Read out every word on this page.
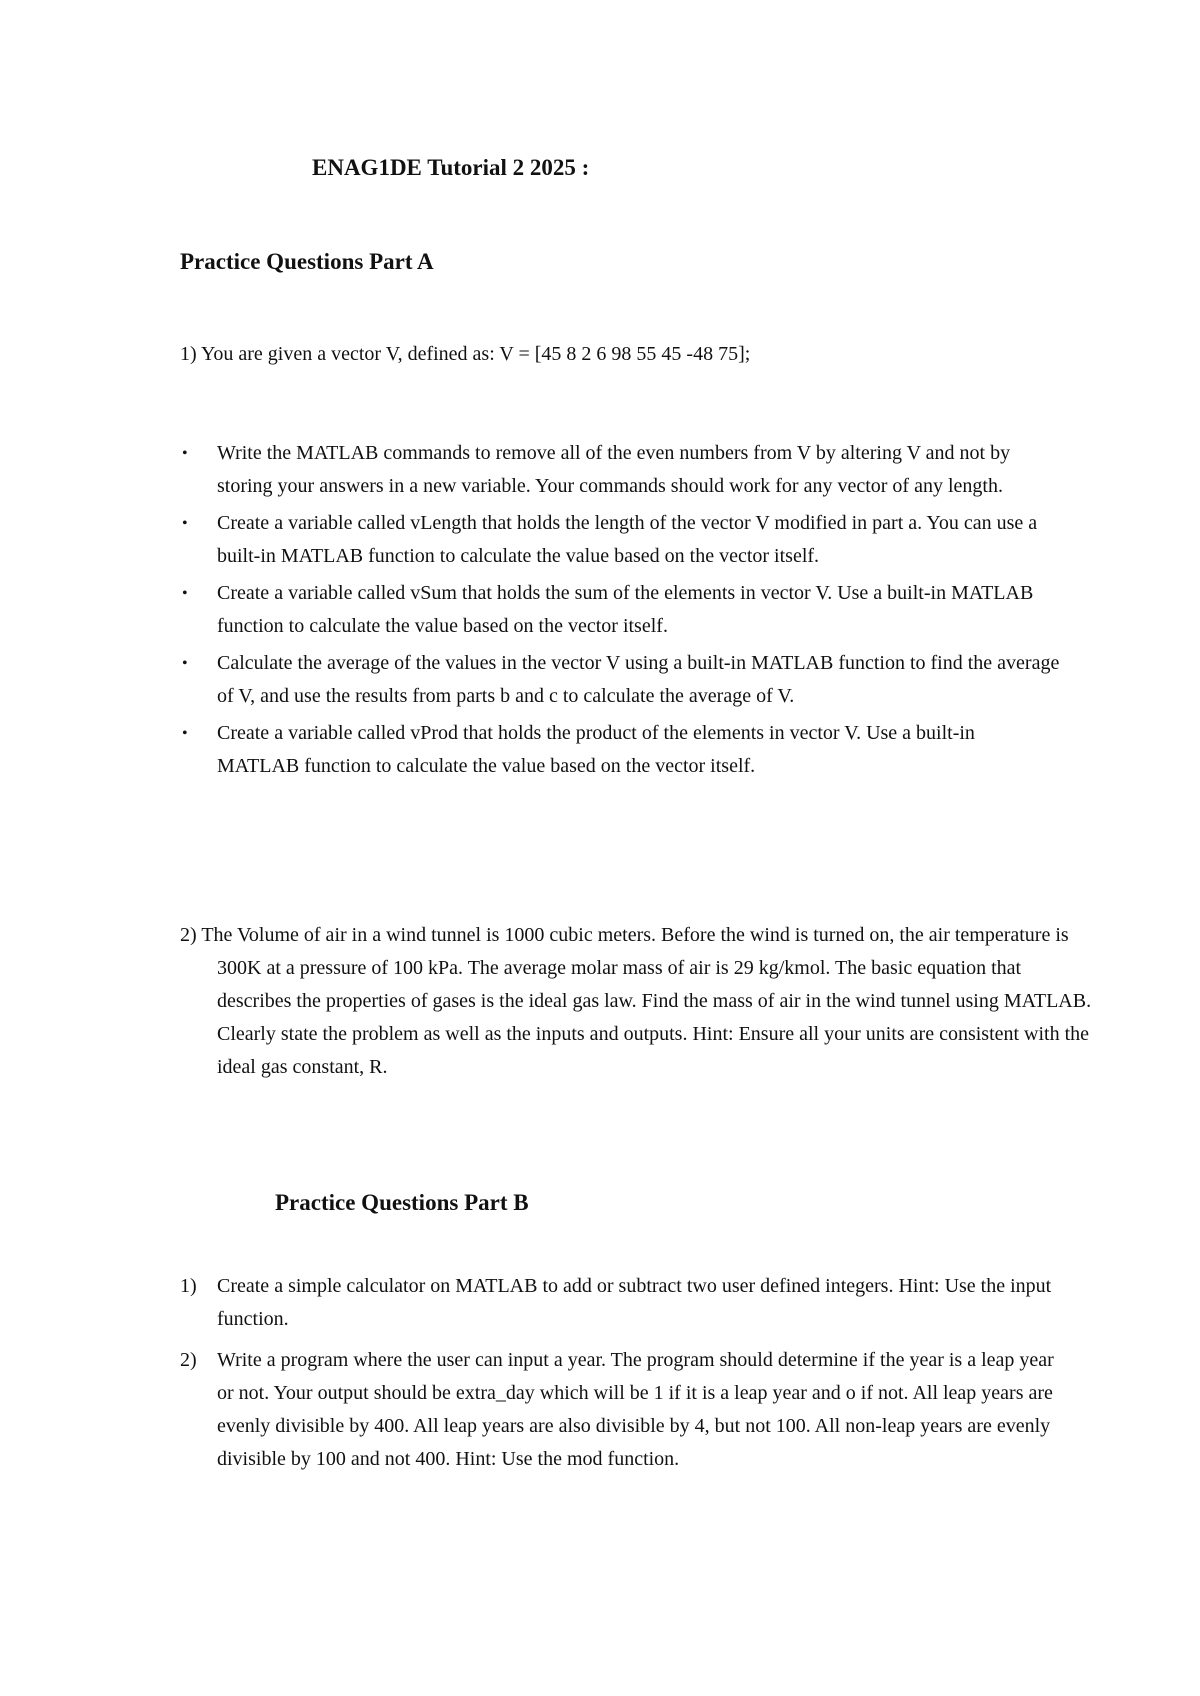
ENAG1DE Tutorial 2 2025 :
Practice Questions Part A

1) You are given a vector V, defined as: V = [45 8 2 6 98 55 45 -48 75];

• Write the MATLAB commands to remove all of the even numbers from V by altering V and not by storing your answers in a new variable. Your commands should work for any vector of any length.
• Create a variable called vLength that holds the length of the vector V modified in part a. You can use a built-in MATLAB function to calculate the value based on the vector itself.
• Create a variable called vSum that holds the sum of the elements in vector V. Use a built-in MATLAB function to calculate the value based on the vector itself.
• Calculate the average of the values in the vector V using a built-in MATLAB function to find the average of V, and use the results from parts b and c to calculate the average of V.
• Create a variable called vProd that holds the product of the elements in vector V. Use a built-in MATLAB function to calculate the value based on the vector itself.

2) The Volume of air in a wind tunnel is 1000 cubic meters. Before the wind is turned on, the air temperature is 300K at a pressure of 100 kPa. The average molar mass of air is 29 kg/kmol. The basic equation that describes the properties of gases is the ideal gas law. Find the mass of air in the wind tunnel using MATLAB. Clearly state the problem as well as the inputs and outputs. Hint: Ensure all your units are consistent with the ideal gas constant, R.

Practice Questions Part B
1) Create a simple calculator on MATLAB to add or subtract two user defined integers. Hint: Use the input function.
2) Write a program where the user can input a year. The program should determine if the year is a leap year or not. Your output should be extra_day which will be 1 if it is a leap year and o if not. All leap years are evenly divisible by 400. All leap years are also divisible by 4, but not 100. All non-leap years are evenly divisible by 100 and not 400. Hint: Use the mod function.
